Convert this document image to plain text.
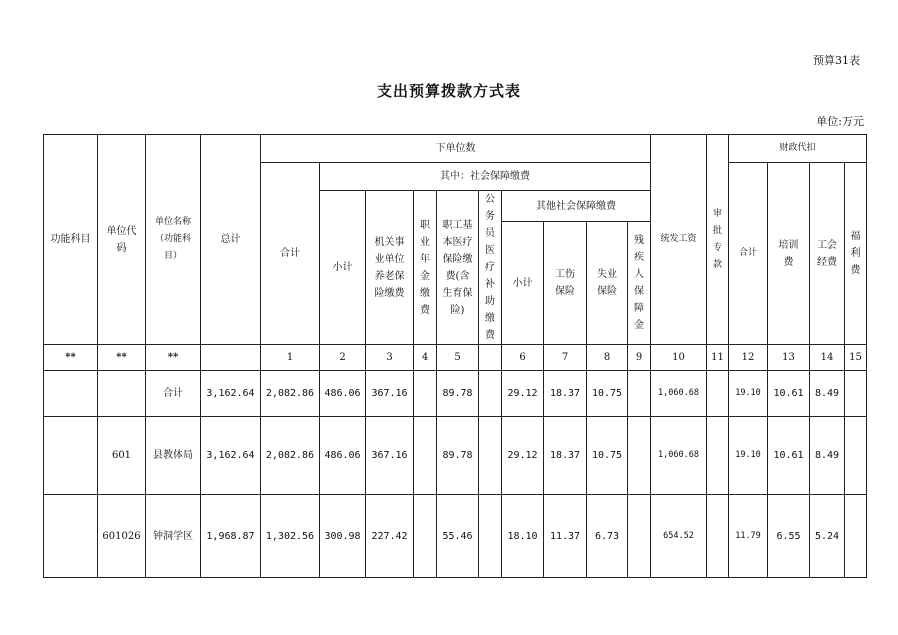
预算31表
支出预算拨款方式表
单位:万元
功能科目	单位代码	单位名称（功能科目）	总计	下单位数										统发工资	审批专款	财政代扣			
				合计	其中：社会保障缴费											合计	培训费	工会经费	福利费

					小计	机关事业单位养老保险缴费	职业年金缴费	职工基本医疗保险缴费(含生育保险)	公务员医疗补助缴费	其他社会保障缴费									
										小计	工伤保险	失业保险	残疾人保障金						

**	**	**		1	2	3	4	5		6	7	8	9	10	11	12	13	14	15
		合计	3,162.64	2,082.86	486.06	367.16		89.78		29.12	18.37	10.75		1,060.68		19.10	10.61	8.49	
	601	县教体局	3,162.64	2,082.86	486.06	367.16		89.78		29.12	18.37	10.75		1,060.68		19.10	10.61	8.49	
	601026	钟洞学区	1,968.87	1,302.56	300.98	227.42		55.46		18.10	11.37	6.73		654.52		11.79	6.55	5.24	
